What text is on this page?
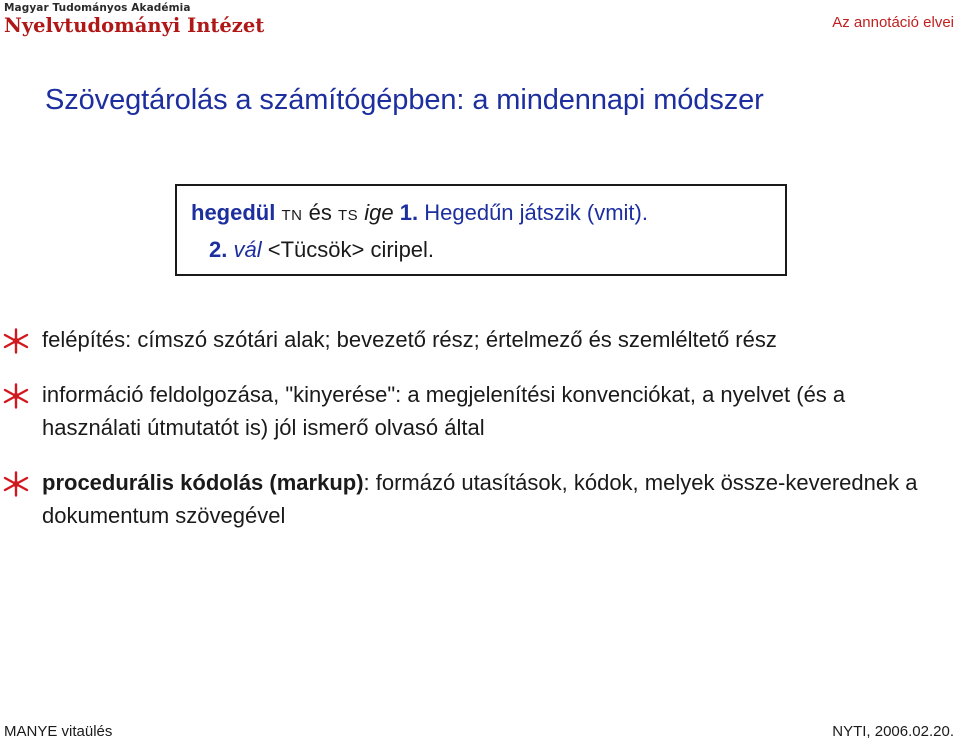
Magyar Tudományos Akadémia
Nyelvtudományi Intézet	Az annotáció elvei
Szövegtárolás a számítógépben: a mindennapi módszer
hegedül TN és TS ige 1. Hegedűn játszik (vmit).
2. vál <Tücsök> ciripel.
felépítés: címszó szótári alak; bevezető rész; értelmező és szemléltető rész
információ feldolgozása, "kinyerése": a megjelenítési konvenciókat, a nyelvet (és a használati útmutatót is) jól ismerő olvasó által
procedurális kódolás (markup): formázó utasítások, kódok, melyek össze-keverednek a dokumentum szövegével
MANYE vitaülés	NYTI, 2006.02.20.
